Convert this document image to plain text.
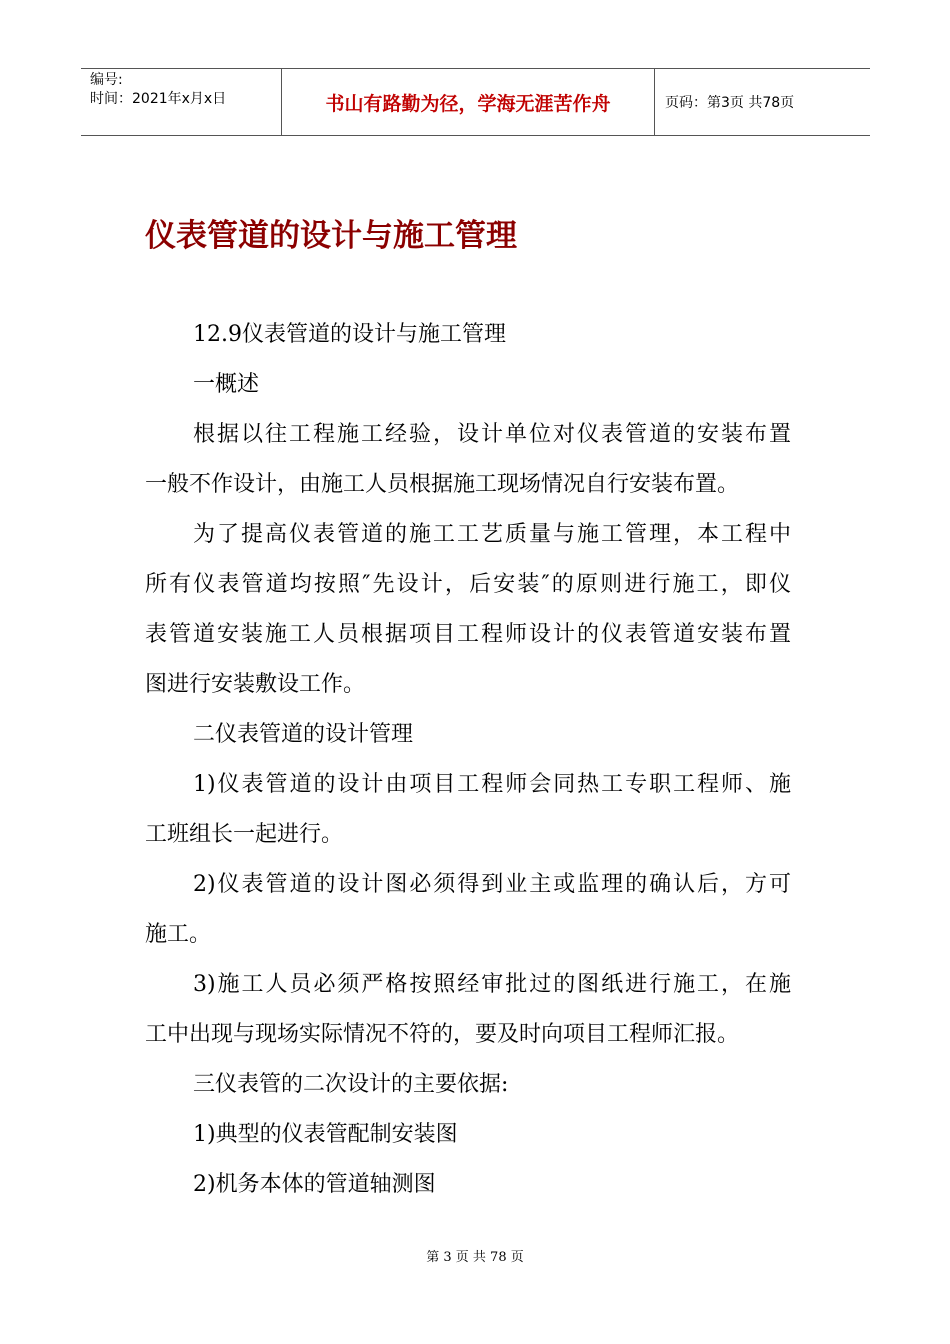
编号:
时间：2021年x月x日	书山有路勤为径，学海无涯苦作舟	页码：第3页 共78页
仪表管道的设计与施工管理

12.9仪表管道的设计与施工管理

一概述

根据以往工程施工经验，设计单位对仪表管道的安装布置

一般不作设计，由施工人员根据施工现场情况自行安装布置。

为了提高仪表管道的施工工艺质量与施工管理，本工程中

所有仪表管道均按照″先设计，后安装″的原则进行施工，即仪

表管道安装施工人员根据项目工程师设计的仪表管道安装布置

图进行安装敷设工作。

二仪表管道的设计管理

1)仪表管道的设计由项目工程师会同热工专职工程师、施

工班组长一起进行。

2)仪表管道的设计图必须得到业主或监理的确认后，方可

施工。

3)施工人员必须严格按照经审批过的图纸进行施工，在施

工中出现与现场实际情况不符的，要及时向项目工程师汇报。

三仪表管的二次设计的主要依据:

1)典型的仪表管配制安装图

2)机务本体的管道轴测图

第 3 页 共 78 页
